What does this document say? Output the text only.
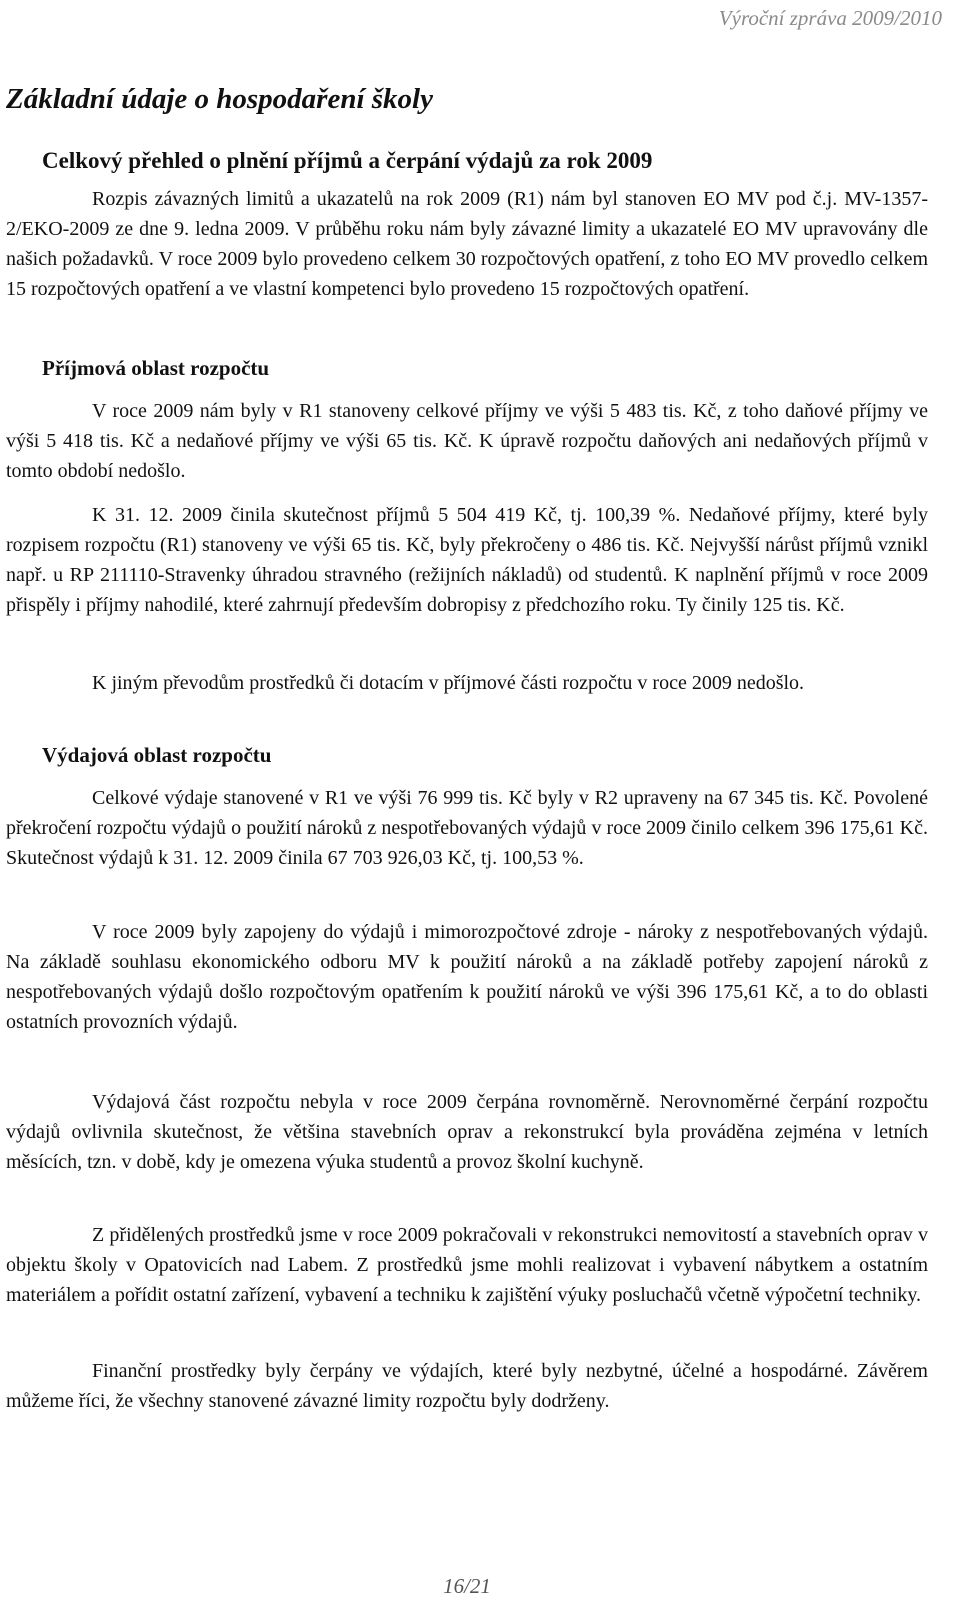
Výroční zpráva 2009/2010
Základní údaje o hospodaření školy
Celkový přehled o plnění příjmů a čerpání výdajů za rok 2009

Rozpis závazných limitů a ukazatelů na rok 2009 (R1) nám byl stanoven EO MV pod č.j. MV-1357-2/EKO-2009 ze dne 9. ledna 2009. V průběhu roku nám byly závazné limity a ukazatelé EO MV upravovány dle našich požadavků. V roce 2009 bylo provedeno celkem 30 rozpočtových opatření, z toho EO MV provedlo celkem 15 rozpočtových opatření a ve vlastní kompetenci bylo provedeno 15 rozpočtových opatření.

Příjmová oblast rozpočtu

V roce 2009 nám byly v R1 stanoveny celkové příjmy ve výši 5 483 tis. Kč, z toho daňové příjmy ve výši 5 418 tis. Kč a nedaňové příjmy ve výši 65 tis. Kč. K úpravě rozpočtu daňových ani nedaňových příjmů v tomto období nedošlo.

K 31. 12. 2009 činila skutečnost příjmů 5 504 419 Kč, tj. 100,39 %. Nedaňové příjmy, které byly rozpisem rozpočtu (R1) stanoveny ve výši 65 tis. Kč, byly překročeny o 486 tis. Kč. Nejvyšší nárůst příjmů vznikl např. u RP 211110-Stravenky úhradou stravného (režijních nákladů) od studentů. K naplnění příjmů v roce 2009 přispěly i příjmy nahodilé, které zahrnují především dobropisy z předchozího roku. Ty činily 125 tis. Kč.

K jiným převodům prostředků či dotacím v příjmové části rozpočtu v roce 2009 nedošlo.

Výdajová oblast rozpočtu

Celkové výdaje stanovené v R1 ve výši 76 999 tis. Kč byly v R2 upraveny na 67 345 tis. Kč. Povolené překročení rozpočtu výdajů o použití nároků z nespotřebovaných výdajů v roce 2009 činilo celkem 396 175,61 Kč. Skutečnost výdajů k 31. 12. 2009 činila 67 703 926,03 Kč, tj. 100,53 %.

V roce 2009 byly zapojeny do výdajů i mimorozpočtové zdroje - nároky z nespotřebovaných výdajů. Na základě souhlasu ekonomického odboru MV k použití nároků a na základě potřeby zapojení nároků z nespotřebovaných výdajů došlo rozpočtovým opatřením k použití nároků ve výši 396 175,61 Kč, a to do oblasti ostatních provozních výdajů.

Výdajová část rozpočtu nebyla v roce 2009 čerpána rovnoměrně. Nerovnoměrné čerpání rozpočtu výdajů ovlivnila skutečnost, že většina stavebních oprav a rekonstrukcí byla prováděna zejména v letních měsících, tzn. v době, kdy je omezena výuka studentů a provoz školní kuchyně.

Z přidělených prostředků jsme v roce 2009 pokračovali v rekonstrukci nemovitostí a stavebních oprav v objektu školy v Opatovicích nad Labem. Z prostředků jsme mohli realizovat i vybavení nábytkem a ostatním materiálem a pořídit ostatní zařízení, vybavení a techniku k zajištění výuky posluchačů včetně výpočetní techniky.

Finanční prostředky byly čerpány ve výdajích, které byly nezbytné, účelné a hospodárné. Závěrem můžeme říci, že všechny stanovené závazné limity rozpočtu byly dodrženy.

16/21
